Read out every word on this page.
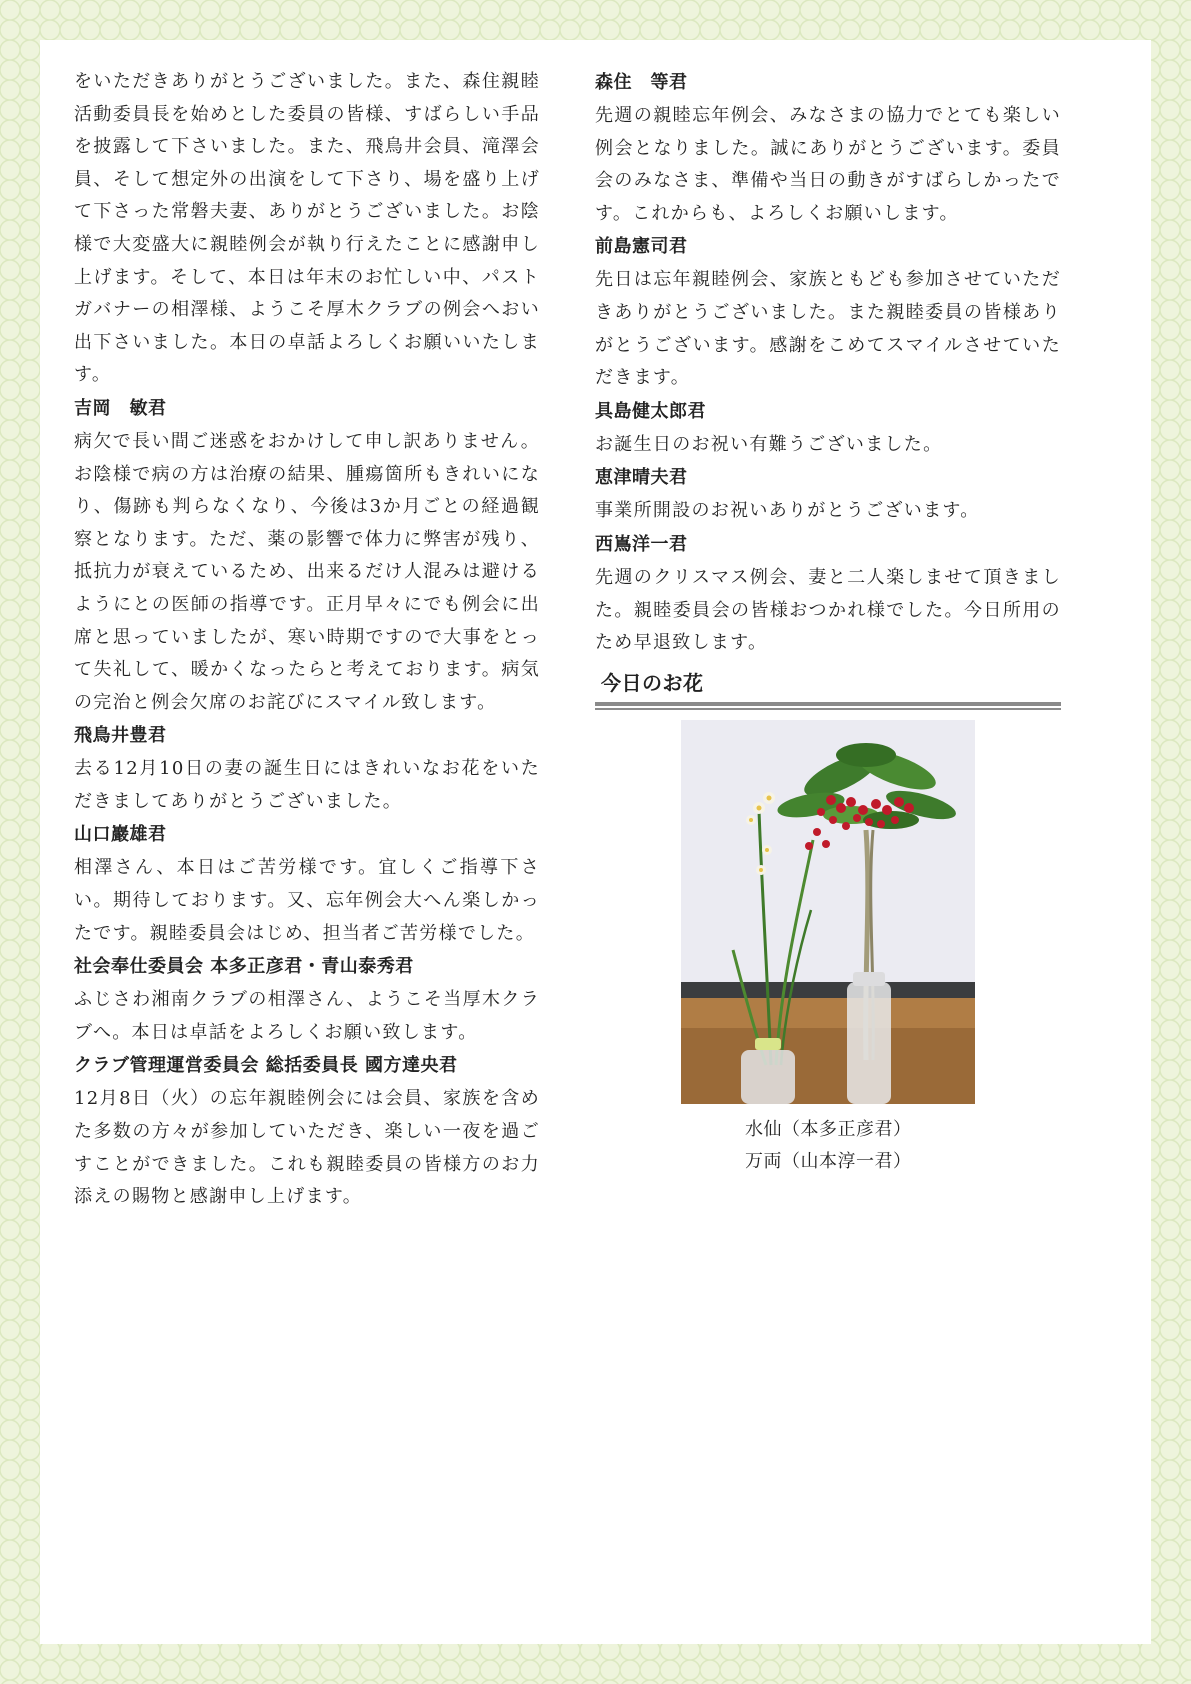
をいただきありがとうございました。また、森住親睦活動委員長を始めとした委員の皆様、すばらしい手品を披露して下さいました。また、飛鳥井会員、滝澤会員、そして想定外の出演をして下さり、場を盛り上げて下さった常磐夫妻、ありがとうございました。お陰様で大変盛大に親睦例会が執り行えたことに感謝申し上げます。そして、本日は年末のお忙しい中、パストガバナーの相澤様、ようこそ厚木クラブの例会へおい出下さいました。本日の卓話よろしくお願いいたします。

吉岡　敏君

病欠で長い間ご迷惑をおかけして申し訳ありません。お陰様で病の方は治療の結果、腫瘍箇所もきれいになり、傷跡も判らなくなり、今後は3か月ごとの経過観察となります。ただ、薬の影響で体力に弊害が残り、抵抗力が衰えているため、出来るだけ人混みは避けるようにとの医師の指導です。正月早々にでも例会に出席と思っていましたが、寒い時期ですので大事をとって失礼して、暖かくなったらと考えております。病気の完治と例会欠席のお詫びにスマイル致します。

飛鳥井豊君

去る12月10日の妻の誕生日にはきれいなお花をいただきましてありがとうございました。

山口巖雄君

相澤さん、本日はご苦労様です。宜しくご指導下さい。期待しております。又、忘年例会大へん楽しかったです。親睦委員会はじめ、担当者ご苦労様でした。

社会奉仕委員会 本多正彦君・青山泰秀君

ふじさわ湘南クラブの相澤さん、ようこそ当厚木クラブへ。本日は卓話をよろしくお願い致します。

クラブ管理運営委員会 総括委員長 國方達央君

12月8日（火）の忘年親睦例会には会員、家族を含めた多数の方々が参加していただき、楽しい一夜を過ごすことができました。これも親睦委員の皆様方のお力添えの賜物と感謝申し上げます。

森住　等君

先週の親睦忘年例会、みなさまの協力でとても楽しい例会となりました。誠にありがとうございます。委員会のみなさま、準備や当日の動きがすばらしかったです。これからも、よろしくお願いします。

前島憲司君

先日は忘年親睦例会、家族ともども参加させていただきありがとうございました。また親睦委員の皆様ありがとうございます。感謝をこめてスマイルさせていただきます。

具島健太郎君

お誕生日のお祝い有難うございました。

恵津晴夫君

事業所開設のお祝いありがとうございます。

西嶌洋一君

先週のクリスマス例会、妻と二人楽しませて頂きました。親睦委員会の皆様おつかれ様でした。今日所用のため早退致します。

今日のお花

水仙（本多正彦君）
万両（山本淳一君）
